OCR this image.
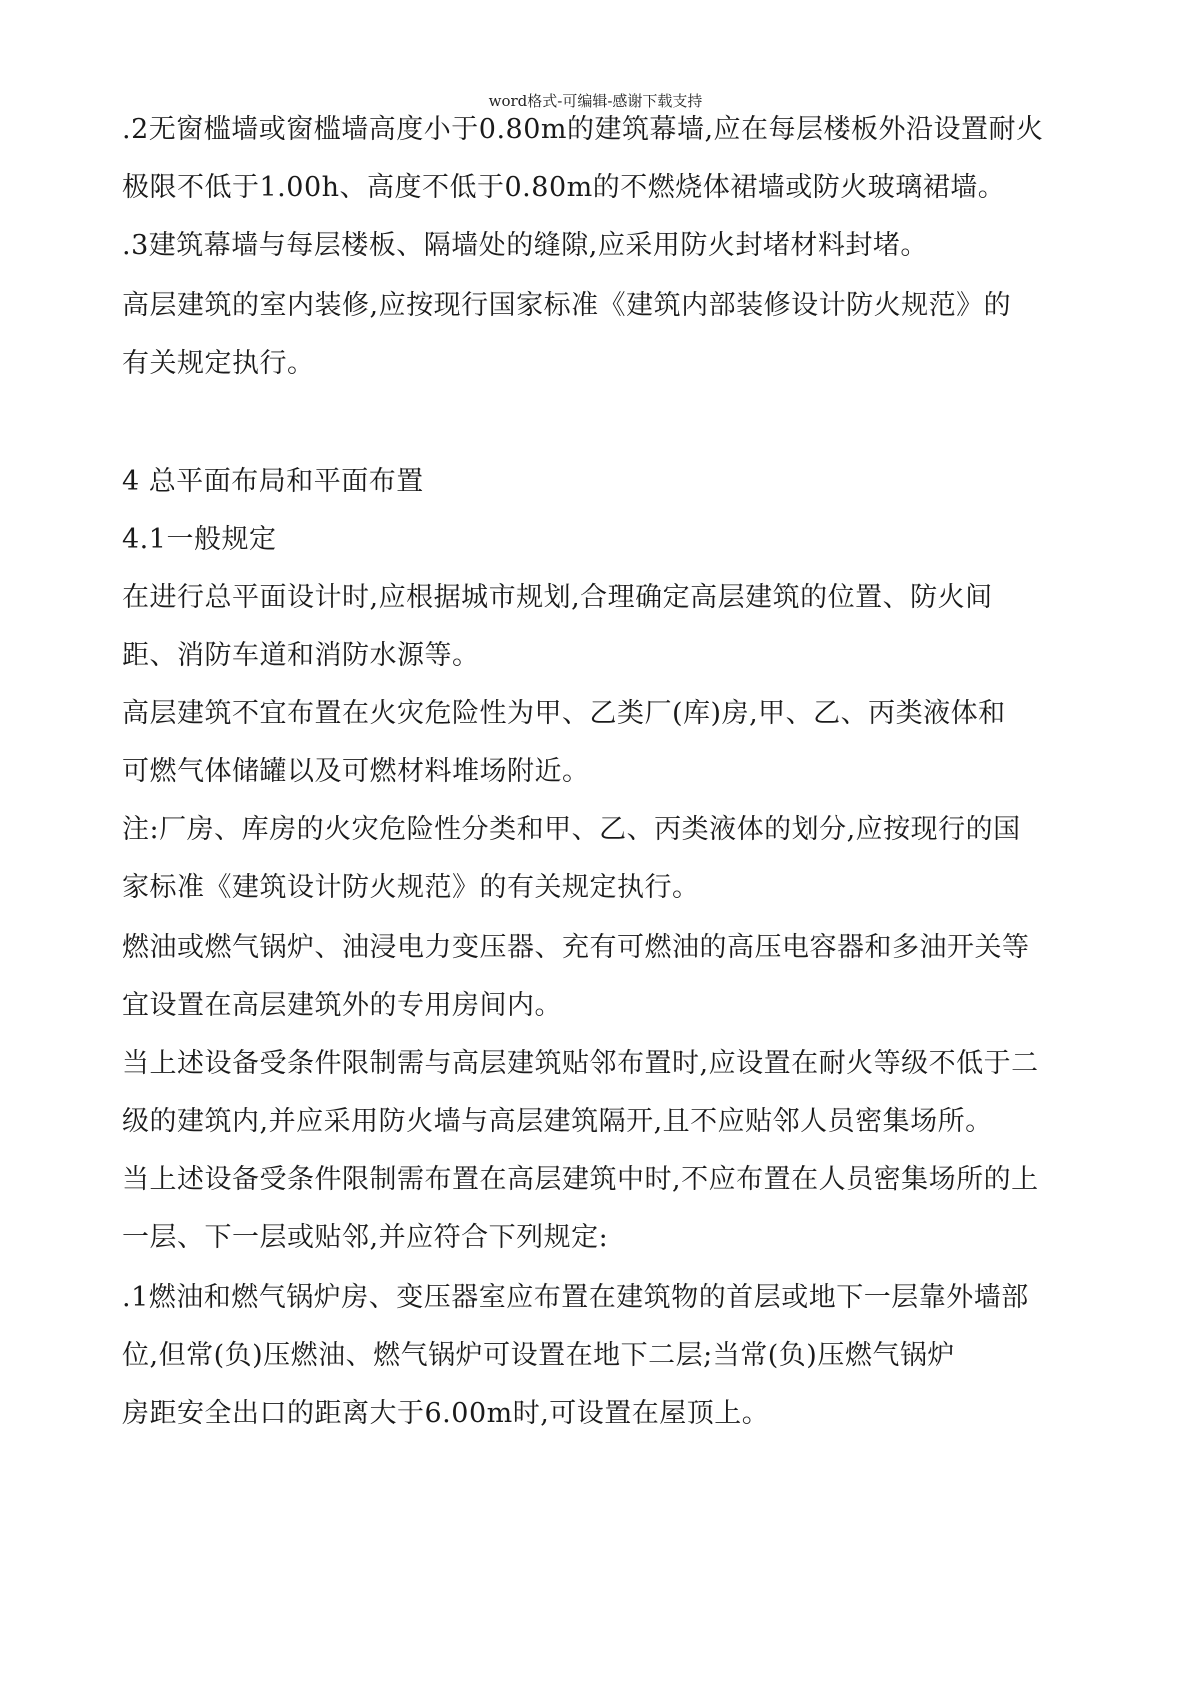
word格式-可编辑-感谢下载支持
.2无窗槛墙或窗槛墙高度小于0.80m的建筑幕墙,应在每层楼板外沿设置耐火
极限不低于1.00h、高度不低于0.80m的不燃烧体裙墙或防火玻璃裙墙。
.3建筑幕墙与每层楼板、隔墙处的缝隙,应采用防火封堵材料封堵。
高层建筑的室内装修,应按现行国家标准《建筑内部装修设计防火规范》的
有关规定执行。
4 总平面布局和平面布置
4.1一般规定
在进行总平面设计时,应根据城市规划,合理确定高层建筑的位置、防火间
距、消防车道和消防水源等。
高层建筑不宜布置在火灾危险性为甲、乙类厂(库)房,甲、乙、丙类液体和
可燃气体储罐以及可燃材料堆场附近。
注:厂房、库房的火灾危险性分类和甲、乙、丙类液体的划分,应按现行的国
家标准《建筑设计防火规范》的有关规定执行。
燃油或燃气锅炉、油浸电力变压器、充有可燃油的高压电容器和多油开关等
宜设置在高层建筑外的专用房间内。
当上述设备受条件限制需与高层建筑贴邻布置时,应设置在耐火等级不低于二
级的建筑内,并应采用防火墙与高层建筑隔开,且不应贴邻人员密集场所。
当上述设备受条件限制需布置在高层建筑中时,不应布置在人员密集场所的上
一层、下一层或贴邻,并应符合下列规定:
.1燃油和燃气锅炉房、变压器室应布置在建筑物的首层或地下一层靠外墙部
位,但常(负)压燃油、燃气锅炉可设置在地下二层;当常(负)压燃气锅炉
房距安全出口的距离大于6.00m时,可设置在屋顶上。
